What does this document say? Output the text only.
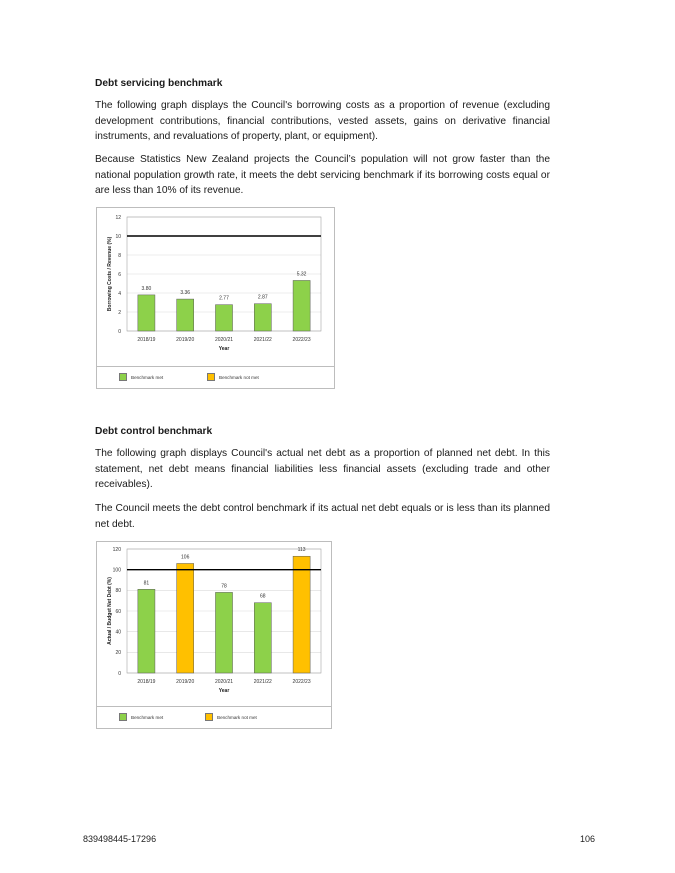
Debt servicing benchmark

The following graph displays the Council's borrowing costs as a proportion of revenue (excluding development contributions, financial contributions, vested assets, gains on derivative financial instruments, and revaluations of property, plant, or equipment).

Because Statistics New Zealand projects the Council’s population will not grow faster than the national population growth rate, it meets the debt servicing benchmark if its borrowing costs equal or are less than 10% of its revenue.

0
2
4
6
8
10
12
3.80
2018/19
3.36
2019/20
2.77
2020/21
2.87
2021/22
5.32
2022/23
Year
Borrowing Costs / Revenue (%)
Benchmark met	Benchmark not met

Debt control benchmark

The following graph displays Council's actual net debt as a proportion of planned net debt. In this statement, net debt means financial liabilities less financial assets (excluding trade and other receivables).

The Council meets the debt control benchmark if its actual net debt equals or is less than its planned net debt.

0
20
40
60
80
100
120
81
2018/19
106
2019/20
78
2020/21
68
2021/22
113
2022/23
Year
Actual / Budget Net Debt (%)
Benchmark met	Benchmark not met
839498445-17296	106
